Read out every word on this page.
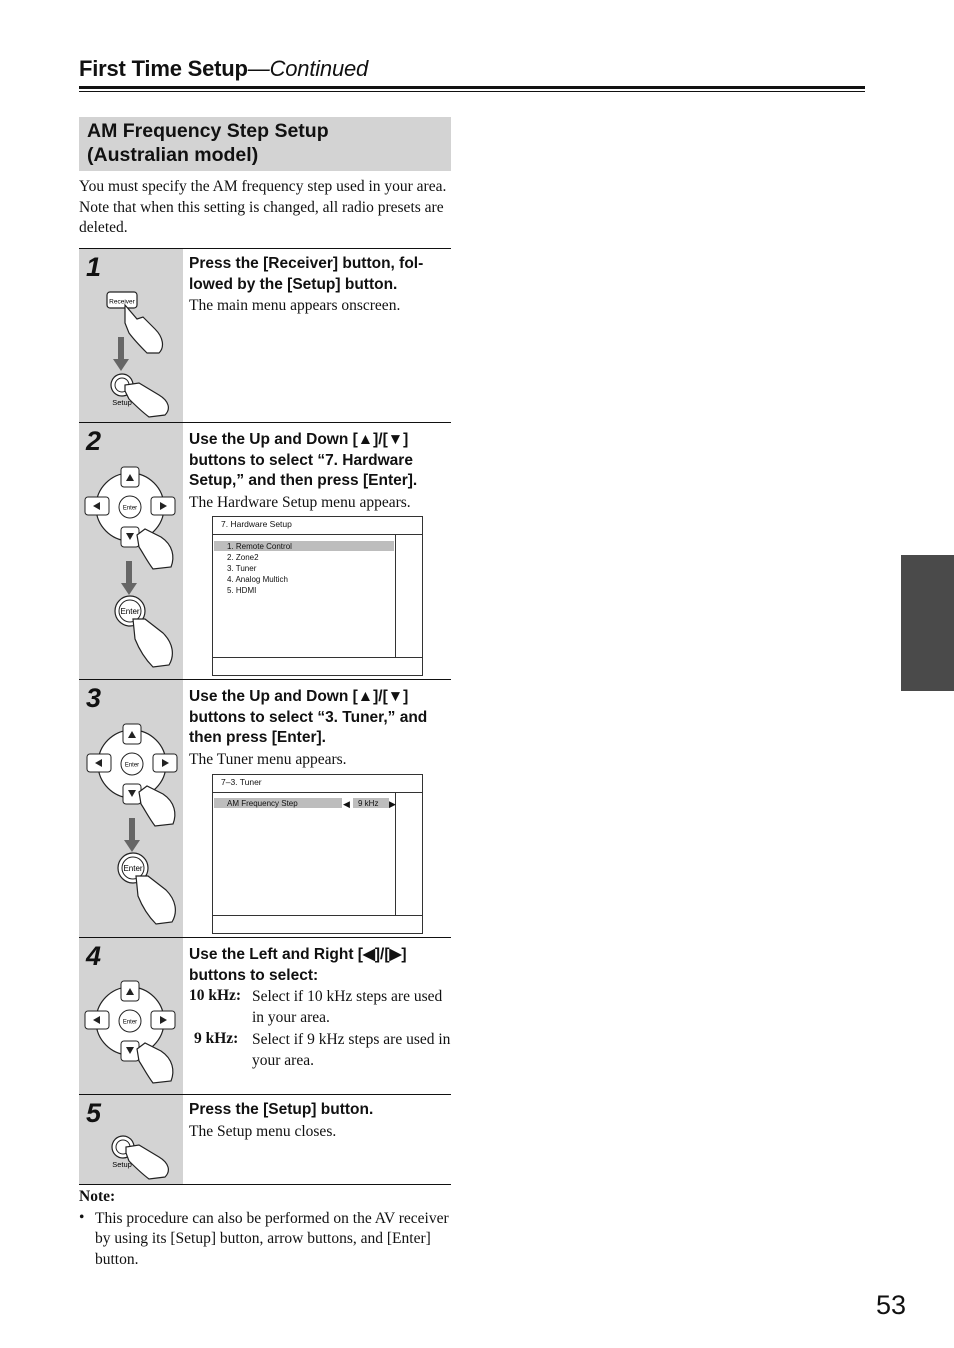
First Time Setup—Continued
AM Frequency Step Setup
(Australian model)
You must specify the AM frequency step used in your area. Note that when this setting is changed, all radio presets are deleted.
1
2
3
4
5
Receiver
Setup
Enter
Enter
Enter
Enter
Enter
Setup
Press the [Receiver] button, fol-lowed by the [Setup] button.
The main menu appears onscreen.
Use the Up and Down [▲]/[▼] buttons to select “7. Hardware Setup,” and then press [Enter].
The Hardware Setup menu appears.
7. Hardware Setup
1. Remote Control
2. Zone2
3. Tuner
4. Analog Multich
5. HDMI
Use the Up and Down [▲]/[▼] buttons to select “3. Tuner,” and then press [Enter].
The Tuner menu appears.
7–3. Tuner
AM Frequency Step	◀ 9 kHz ▶
Use the Left and Right [◀]/[▶] buttons to select:
10 kHz: Select if 10 kHz steps are used in your area.
9 kHz: Select if 9 kHz steps are used in your area.
Press the [Setup] button.
The Setup menu closes.
Note:
• This procedure can also be performed on the AV receiver by using its [Setup] button, arrow buttons, and [Enter] button.
53
